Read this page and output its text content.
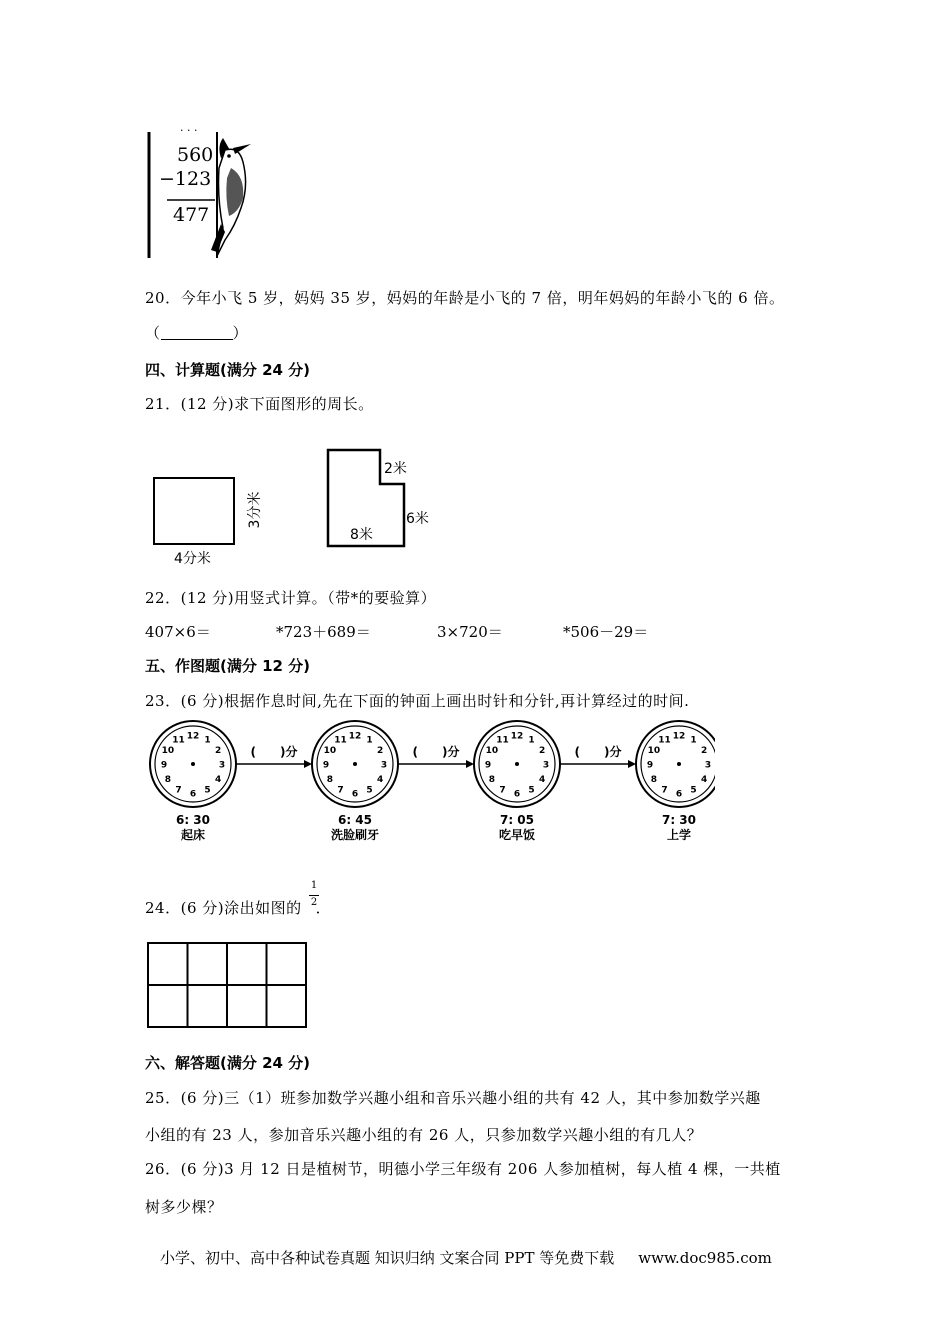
· · ·
560
−123
477
20．今年小飞 5 岁，妈妈 35 岁，妈妈的年龄是小飞的 7 倍，明年妈妈的年龄小飞的 6 倍。
（	）
四、计算题(满分 24 分)
21．(12 分)求下面图形的周长。
4分米
3分米
2米
6米
8米
22．(12 分)用竖式计算。（带*的要验算）
407×6＝	*723＋689＝	3×720＝	*506－29＝
五、作图题(满分 12 分)
23．(6 分)根据作息时间,先在下面的钟面上画出时针和分针,再计算经过的时间.
12 1
2
3
4
5
6
7
8
9
10
11
6: 30
起床
(　　)分
12 1
2
3
4
5
6
7
8
9
10
11
6: 45
洗脸刷牙
(　　)分
12 1
2
3
4
5
6
7
8
9
10
11
7: 05
吃早饭
(　　)分
12 1
2
3
4
5
6
7
8
9
10
11
7: 30
上学
24．(6 分)涂出如图的 ．
1
2
六、解答题(满分 24 分)
25．(6 分)三（1）班参加数学兴趣小组和音乐兴趣小组的共有 42 人，其中参加数学兴趣
小组的有 23 人，参加音乐兴趣小组的有 26 人，只参加数学兴趣小组的有几人？
26．(6 分)3 月 12 日是植树节，明德小学三年级有 206 人参加植树，每人植 4 棵，一共植
树多少棵？
小学、初中、高中各种试卷真题 知识归纳 文案合同 PPT 等免费下载 www.doc985.com
